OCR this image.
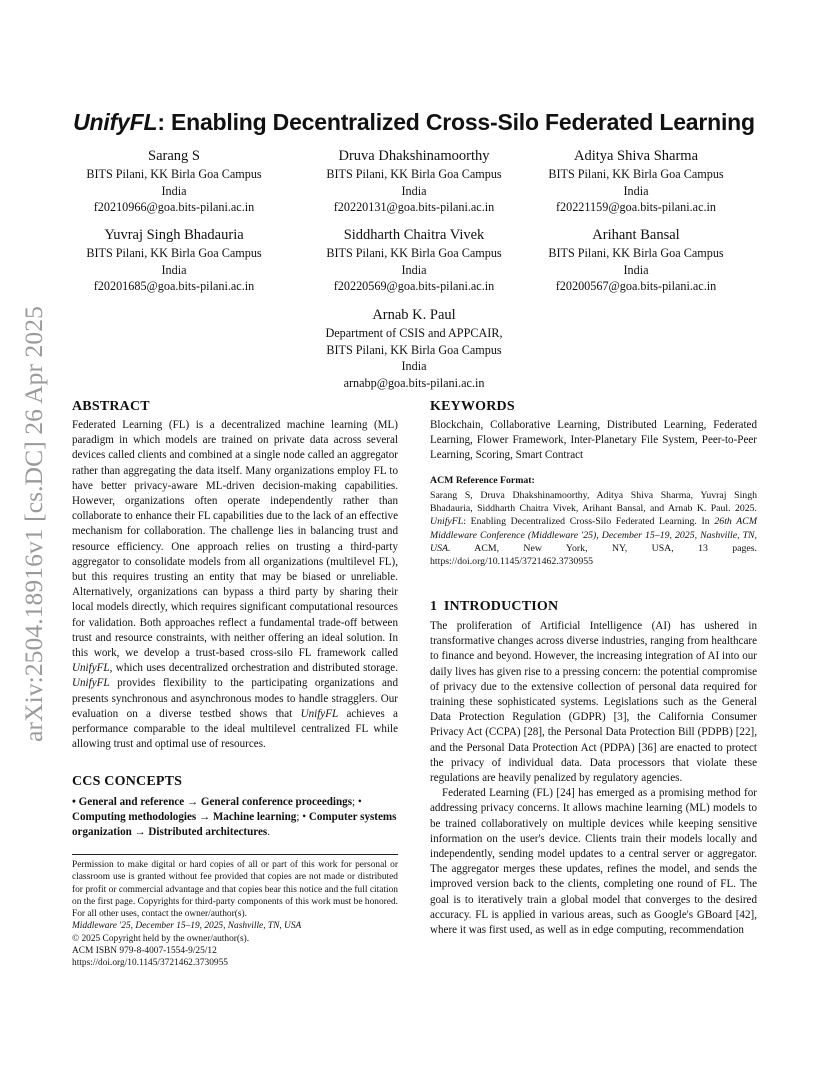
arXiv:2504.18916v1 [cs.DC] 26 Apr 2025
UnifyFL: Enabling Decentralized Cross-Silo Federated Learning
Sarang S
BITS Pilani, KK Birla Goa Campus
India
f20210966@goa.bits-pilani.ac.in
Druva Dhakshinamoorthy
BITS Pilani, KK Birla Goa Campus
India
f20220131@goa.bits-pilani.ac.in
Aditya Shiva Sharma
BITS Pilani, KK Birla Goa Campus
India
f20221159@goa.bits-pilani.ac.in
Yuvraj Singh Bhadauria
BITS Pilani, KK Birla Goa Campus
India
f20201685@goa.bits-pilani.ac.in
Siddharth Chaitra Vivek
BITS Pilani, KK Birla Goa Campus
India
f20220569@goa.bits-pilani.ac.in
Arihant Bansal
BITS Pilani, KK Birla Goa Campus
India
f20200567@goa.bits-pilani.ac.in
Arnab K. Paul
Department of CSIS and APPCAIR,
BITS Pilani, KK Birla Goa Campus
India
arnabp@goa.bits-pilani.ac.in
ABSTRACT

Federated Learning (FL) is a decentralized machine learning (ML) paradigm in which models are trained on private data across several devices called clients and combined at a single node called an aggregator rather than aggregating the data itself. Many organizations employ FL to have better privacy-aware ML-driven decision-making capabilities. However, organizations often operate independently rather than collaborate to enhance their FL capabilities due to the lack of an effective mechanism for collaboration. The challenge lies in balancing trust and resource efficiency. One approach relies on trusting a third-party aggregator to consolidate models from all organizations (multilevel FL), but this requires trusting an entity that may be biased or unreliable. Alternatively, organizations can bypass a third party by sharing their local models directly, which requires significant computational resources for validation. Both approaches reflect a fundamental trade-off between trust and resource constraints, with neither offering an ideal solution. In this work, we develop a trust-based cross-silo FL framework called UnifyFL, which uses decentralized orchestration and distributed storage. UnifyFL provides flexibility to the participating organizations and presents synchronous and asynchronous modes to handle stragglers. Our evaluation on a diverse testbed shows that UnifyFL achieves a performance comparable to the ideal multilevel centralized FL while allowing trust and optimal use of resources.

CCS CONCEPTS
• General and reference → General conference proceedings; • Computing methodologies → Machine learning; • Computer systems organization → Distributed architectures.
Permission to make digital or hard copies of all or part of this work for personal or classroom use is granted without fee provided that copies are not made or distributed for profit or commercial advantage and that copies bear this notice and the full citation on the first page. Copyrights for third-party components of this work must be honored. For all other uses, contact the owner/author(s).
Middleware '25, December 15–19, 2025, Nashville, TN, USA
© 2025 Copyright held by the owner/author(s).
ACM ISBN 979-8-4007-1554-9/25/12
https://doi.org/10.1145/3721462.3730955
KEYWORDS
Blockchain, Collaborative Learning, Distributed Learning, Federated Learning, Flower Framework, Inter-Planetary File System, Peer-to-Peer Learning, Scoring, Smart Contract
ACM Reference Format:
Sarang S, Druva Dhakshinamoorthy, Aditya Shiva Sharma, Yuvraj Singh Bhadauria, Siddharth Chaitra Vivek, Arihant Bansal, and Arnab K. Paul. 2025. UnifyFL: Enabling Decentralized Cross-Silo Federated Learning. In 26th ACM Middleware Conference (Middleware '25), December 15–19, 2025, Nashville, TN, USA. ACM, New York, NY, USA, 13 pages. https://doi.org/10.1145/3721462.3730955
1 INTRODUCTION

The proliferation of Artificial Intelligence (AI) has ushered in transformative changes across diverse industries, ranging from healthcare to finance and beyond. However, the increasing integration of AI into our daily lives has given rise to a pressing concern: the potential compromise of privacy due to the extensive collection of personal data required for training these sophisticated systems. Legislations such as the General Data Protection Regulation (GDPR) [3], the California Consumer Privacy Act (CCPA) [28], the Personal Data Protection Bill (PDPB) [22], and the Personal Data Protection Act (PDPA) [36] are enacted to protect the privacy of individual data. Data processors that violate these regulations are heavily penalized by regulatory agencies.

Federated Learning (FL) [24] has emerged as a promising method for addressing privacy concerns. It allows machine learning (ML) models to be trained collaboratively on multiple devices while keeping sensitive information on the user's device. Clients train their models locally and independently, sending model updates to a central server or aggregator. The aggregator merges these updates, refines the model, and sends the improved version back to the clients, completing one round of FL. The goal is to iteratively train a global model that converges to the desired accuracy. FL is applied in various areas, such as Google's GBoard [42], where it was first used, as well as in edge computing, recommendation
